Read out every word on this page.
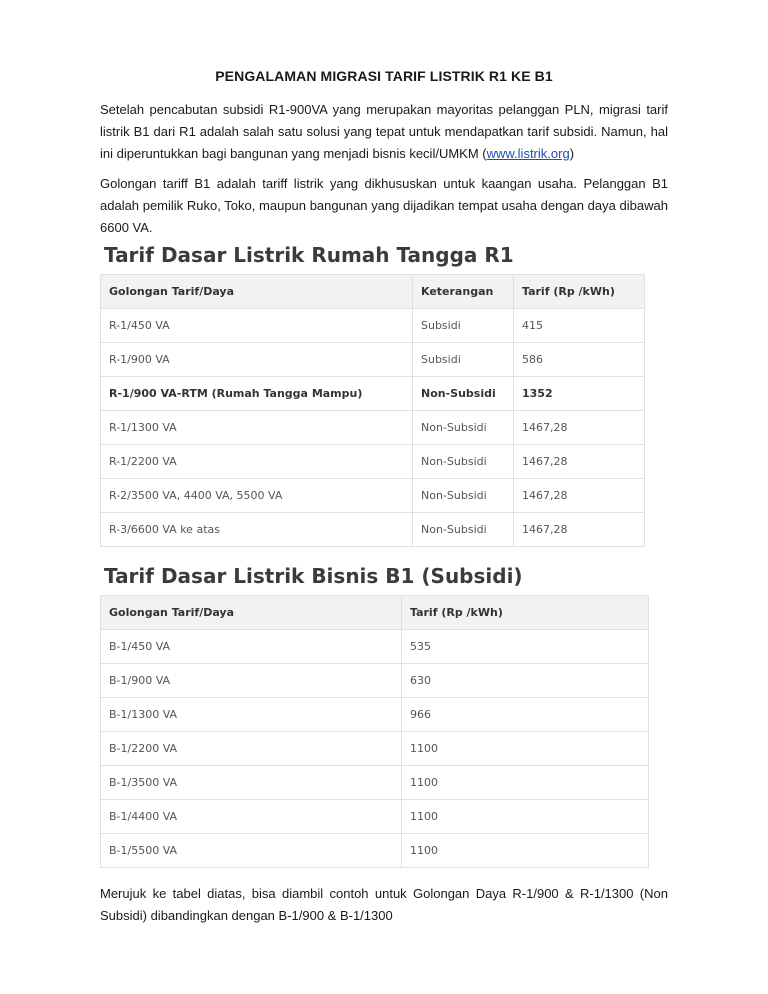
PENGALAMAN MIGRASI TARIF LISTRIK R1 KE B1

Setelah pencabutan subsidi R1-900VA yang merupakan mayoritas pelanggan PLN, migrasi tarif listrik B1 dari R1 adalah salah satu solusi yang tepat untuk mendapatkan tarif subsidi. Namun, hal ini diperuntukkan bagi bangunan yang menjadi bisnis kecil/UMKM (www.listrik.org)

Golongan tariff B1 adalah tariff listrik yang dikhususkan untuk kaangan usaha. Pelanggan B1 adalah pemilik Ruko, Toko, maupun bangunan yang dijadikan tempat usaha dengan daya dibawah 6600 VA.

Tarif Dasar Listrik Rumah Tangga R1
Golongan Tarif/Daya	Keterangan	Tarif (Rp /kWh)
R-1/450 VA	Subsidi	415
R-1/900 VA	Subsidi	586
R-1/900 VA-RTM (Rumah Tangga Mampu)	Non-Subsidi	1352
R-1/1300 VA	Non-Subsidi	1467,28
R-1/2200 VA	Non-Subsidi	1467,28
R-2/3500 VA, 4400 VA, 5500 VA	Non-Subsidi	1467,28
R-3/6600 VA ke atas	Non-Subsidi	1467,28
Tarif Dasar Listrik Bisnis B1 (Subsidi)
Golongan Tarif/Daya	Tarif (Rp /kWh)
B-1/450 VA	535
B-1/900 VA	630
B-1/1300 VA	966
B-1/2200 VA	1100
B-1/3500 VA	1100
B-1/4400 VA	1100
B-1/5500 VA	1100

Merujuk ke tabel diatas, bisa diambil contoh untuk Golongan Daya R-1/900 & R-1/1300 (Non Subsidi) dibandingkan dengan B-1/900 & B-1/1300
